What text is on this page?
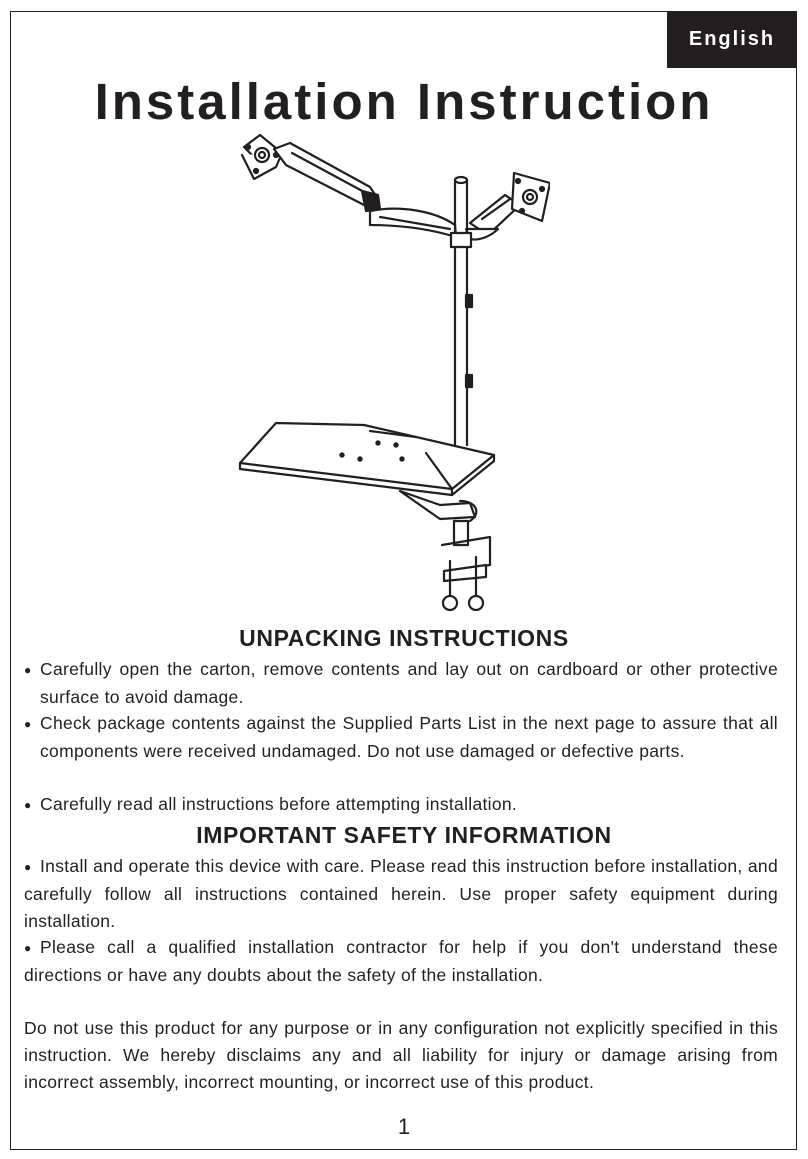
English
Installation Instruction
UNPACKING INSTRUCTIONS

● Carefully open the carton, remove contents and lay out on cardboard or other protective surface to avoid damage.

● Check package contents against the Supplied Parts List in the next page to assure that all components were received undamaged. Do not use damaged or defective parts.

● Carefully read all instructions before attempting installation.

IMPORTANT SAFETY INFORMATION

● Install and operate this device with care. Please read this instruction before installation, and carefully follow all instructions contained herein. Use proper safety equipment during installation.

● Please call a qualified installation contractor for help if you don't understand these directions or have any doubts about the safety of the installation.

Do not use this product for any purpose or in any configuration not explicitly specified in this instruction. We hereby disclaims any and all liability for injury or damage arising from incorrect assembly, incorrect mounting, or incorrect use of this product.

1
